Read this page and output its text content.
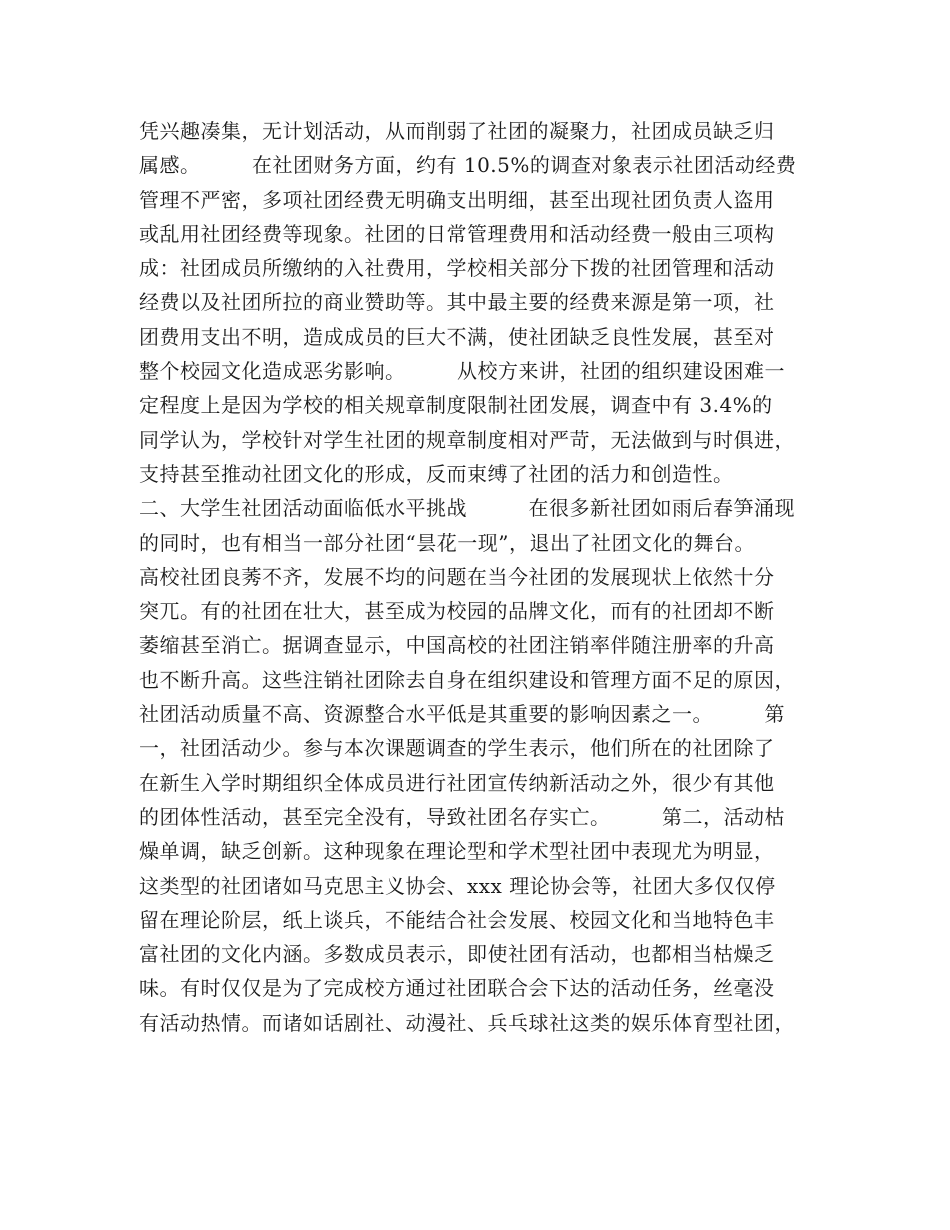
凭兴趣凑集，无计划活动，从而削弱了社团的凝聚力，社团成员缺乏归
属感。　　　在社团财务方面，约有 10.5%的调查对象表示社团活动经费
管理不严密，多项社团经费无明确支出明细，甚至出现社团负责人盗用
或乱用社团经费等现象。社团的日常管理费用和活动经费一般由三项构
成：社团成员所缴纳的入社费用，学校相关部分下拨的社团管理和活动
经费以及社团所拉的商业赞助等。其中最主要的经费来源是第一项，社
团费用支出不明，造成成员的巨大不满，使社团缺乏良性发展，甚至对
整个校园文化造成恶劣影响。　　　从校方来讲，社团的组织建设困难一
定程度上是因为学校的相关规章制度限制社团发展，调查中有 3.4%的
同学认为，学校针对学生社团的规章制度相对严苛，无法做到与时俱进，
支持甚至推动社团文化的形成，反而束缚了社团的活力和创造性。
二、大学生社团活动面临低水平挑战　　　在很多新社团如雨后春笋涌现
的同时，也有相当一部分社团“昙花一现”，退出了社团文化的舞台。
高校社团良莠不齐，发展不均的问题在当今社团的发展现状上依然十分
突兀。有的社团在壮大，甚至成为校园的品牌文化，而有的社团却不断
萎缩甚至消亡。据调查显示，中国高校的社团注销率伴随注册率的升高
也不断升高。这些注销社团除去自身在组织建设和管理方面不足的原因，
社团活动质量不高、资源整合水平低是其重要的影响因素之一。　　　第
一，社团活动少。参与本次课题调查的学生表示，他们所在的社团除了
在新生入学时期组织全体成员进行社团宣传纳新活动之外，很少有其他
的团体性活动，甚至完全没有，导致社团名存实亡。　　　第二，活动枯
燥单调，缺乏创新。这种现象在理论型和学术型社团中表现尤为明显，
这类型的社团诸如马克思主义协会、xxx 理论协会等，社团大多仅仅停
留在理论阶层，纸上谈兵，不能结合社会发展、校园文化和当地特色丰
富社团的文化内涵。多数成员表示，即使社团有活动，也都相当枯燥乏
味。有时仅仅是为了完成校方通过社团联合会下达的活动任务，丝毫没
有活动热情。而诸如话剧社、动漫社、兵乓球社这类的娱乐体育型社团，
